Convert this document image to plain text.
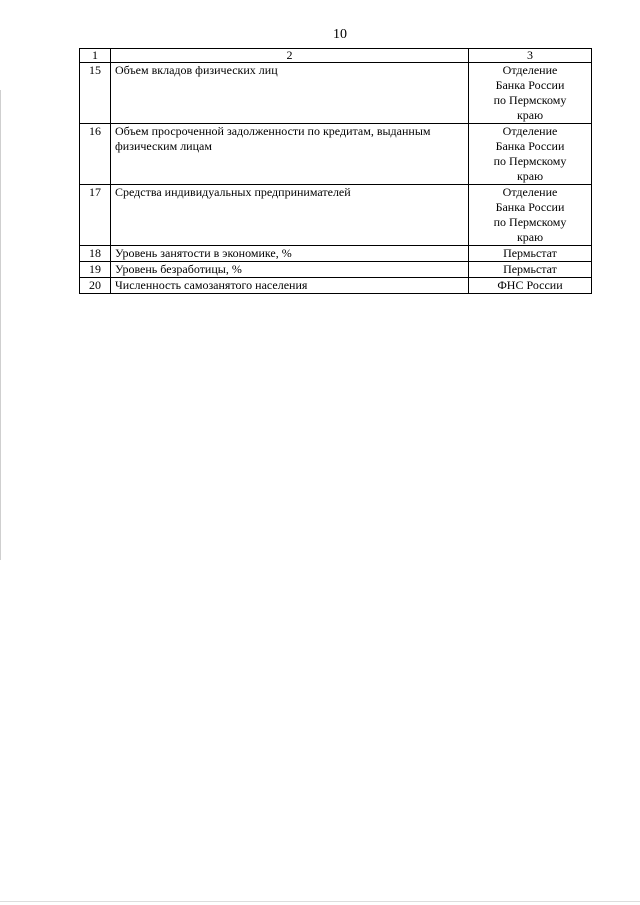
10
1	2	3
15	Объем вкладов физических лиц	Отделение
Банка России
по Пермскому
краю

16	Объем просроченной задолженности по кредитам, выданным физическим лицам	Отделение
Банка России
по Пермскому
краю

17	Средства индивидуальных предпринимателей	Отделение
Банка России
по Пермскому
краю

18	Уровень занятости в экономике, %	Пермьстат
19	Уровень безработицы, %	Пермьстат
20	Численность самозанятого населения	ФНС России
